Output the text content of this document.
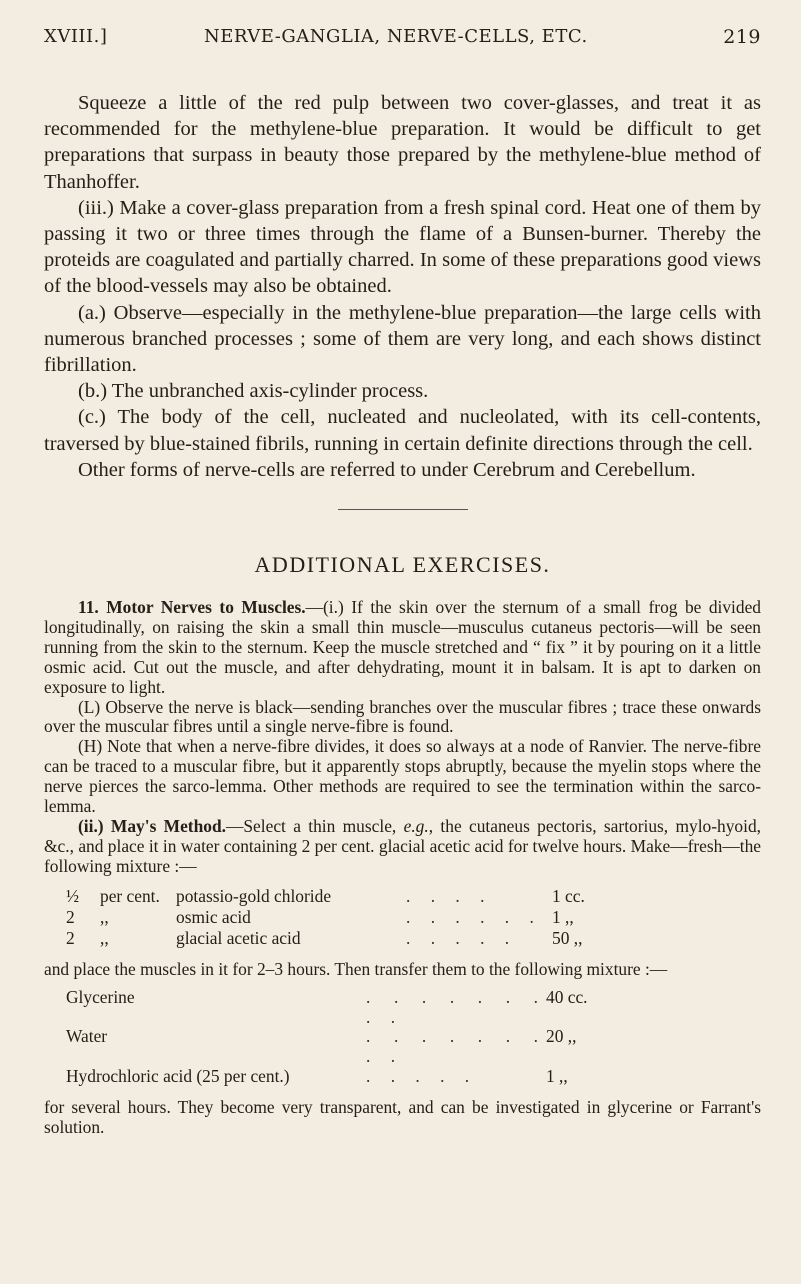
XVIII.]	NERVE-GANGLIA, NERVE-CELLS, ETC.	219

Squeeze a little of the red pulp between two cover-glasses, and treat it as recommended for the methylene-blue preparation. It would be difficult to get preparations that surpass in beauty those prepared by the methylene-blue method of Thanhoffer.

(iii.) Make a cover-glass preparation from a fresh spinal cord. Heat one of them by passing it two or three times through the flame of a Bunsen-burner. Thereby the proteids are coagulated and partially charred. In some of these preparations good views of the blood-vessels may also be obtained.

(a.) Observe—especially in the methylene-blue preparation—the large cells with numerous branched processes ; some of them are very long, and each shows distinct fibrillation.

(b.) The unbranched axis-cylinder process.

(c.) The body of the cell, nucleated and nucleolated, with its cell-contents, traversed by blue-stained fibrils, running in certain definite directions through the cell.

Other forms of nerve-cells are referred to under Cerebrum and Cerebellum.

ADDITIONAL EXERCISES.

11. Motor Nerves to Muscles.—(i.) If the skin over the sternum of a small frog be divided longitudinally, on raising the skin a small thin muscle—musculus cutaneus pectoris—will be seen running from the skin to the sternum. Keep the muscle stretched and “ fix ” it by pouring on it a little osmic acid. Cut out the muscle, and after dehydrating, mount it in balsam. It is apt to darken on exposure to light.

(L) Observe the nerve is black—sending branches over the muscular fibres ; trace these onwards over the muscular fibres until a single nerve-fibre is found.

(H) Note that when a nerve-fibre divides, it does so always at a node of Ranvier. The nerve-fibre can be traced to a muscular fibre, but it apparently stops abruptly, because the myelin stops where the nerve pierces the sarco-lemma. Other methods are required to see the termination within the sarco-lemma.

(ii.) May's Method.—Select a thin muscle, e.g., the cutaneus pectoris, sartorius, mylo-hyoid, &c., and place it in water containing 2 per cent. glacial acetic acid for twelve hours. Make—fresh—the following mixture :—

½	per cent.	potassio-gold chloride	. . . .	1 cc.
2	,,	osmic acid	. . . . . .	1 ,,
2	,,	glacial acetic acid	. . . . .	50 ,,

and place the muscles in it for 2–3 hours. Then transfer them to the following mixture :—

Glycerine	. . . . . . . . .	40 cc.
Water	. . . . . . . . .	20 ,,
Hydrochloric acid (25 per cent.)	. . . . .	1 ,,

for several hours. They become very transparent, and can be investigated in glycerine or Farrant's solution.
